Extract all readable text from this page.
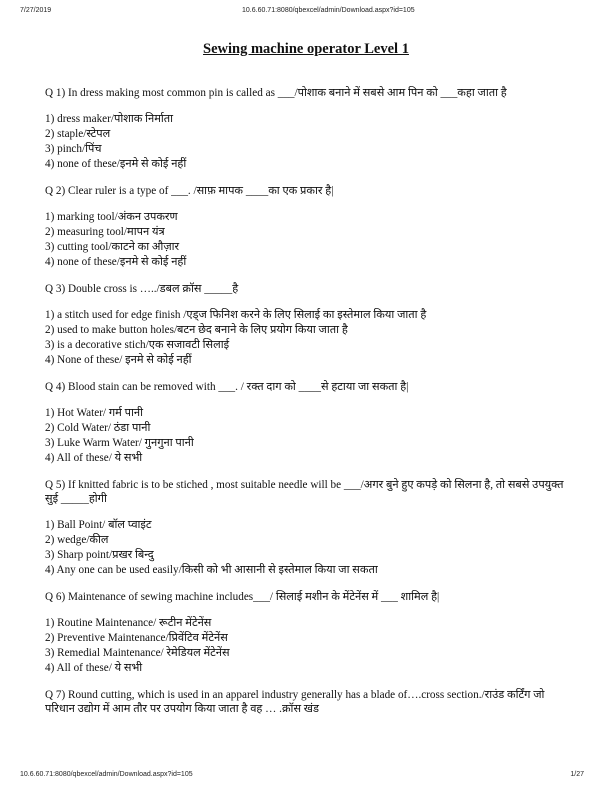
7/27/2019	10.6.60.71:8080/qbexcel/admin/Download.aspx?id=105
Sewing machine operator Level 1

Q 1) In dress making most common pin is called as ___/पोशाक बनाने में सबसे आम पिन को ___कहा जाता है

1) dress maker/पोशाक निर्माता
2) staple/स्टेपल
3) pinch/पिंच
4) none of these/इनमे से कोई नहीं

Q 2) Clear ruler is a type of ___. /साफ़ मापक ____का एक प्रकार है|

1) marking tool/अंकन उपकरण
2) measuring tool/मापन यंत्र
3) cutting tool/काटने का औज़ार
4) none of these/इनमे से कोई नहीं

Q 3) Double cross is …../डबल क्रॉस _____है

1) a stitch used for edge finish /एड्ज फिनिश करने के लिए सिलाई का इस्तेमाल किया जाता है
2) used to make button holes/बटन छेद बनाने के लिए प्रयोग किया जाता है
3) is a decorative stich/एक सजावटी सिलाई
4) None of these/ इनमे से कोई नहीं

Q 4) Blood stain can be removed with ___. / रक्त दाग को ____से हटाया जा सकता है|

1) Hot Water/ गर्म पानी
2) Cold Water/ ठंडा पानी
3) Luke Warm Water/ गुनगुना पानी
4) All of these/ ये सभी

Q 5) If knitted fabric is to be stiched , most suitable needle will be ___/अगर बुने हुए कपड़े को सिलना है, तो सबसे उपयुक्त सुई _____होगी

1) Ball Point/ बॉल प्वाइंट
2) wedge/कील
3) Sharp point/प्रखर बिन्दु
4) Any one can be used easily/किसी को भी आसानी से इस्तेमाल किया जा सकता

Q 6) Maintenance of sewing machine includes___/ सिलाई मशीन के मेंटेनेंस में ___ शामिल है|

1) Routine Maintenance/ रूटीन मेंटेनेंस
2) Preventive Maintenance/प्रिवेंटिव मेंटेनेंस
3) Remedial Maintenance/ रेमेडियल मेंटेनेंस
4) All of these/ ये सभी

Q 7) Round cutting, which is used in an apparel industry generally has a blade of….cross section./राउंड कर्टिंग जो परिधान उद्योग में आम तौर पर उपयोग किया जाता है वह … .क्रॉस खंड

10.6.60.71:8080/qbexcel/admin/Download.aspx?id=105	1/27
